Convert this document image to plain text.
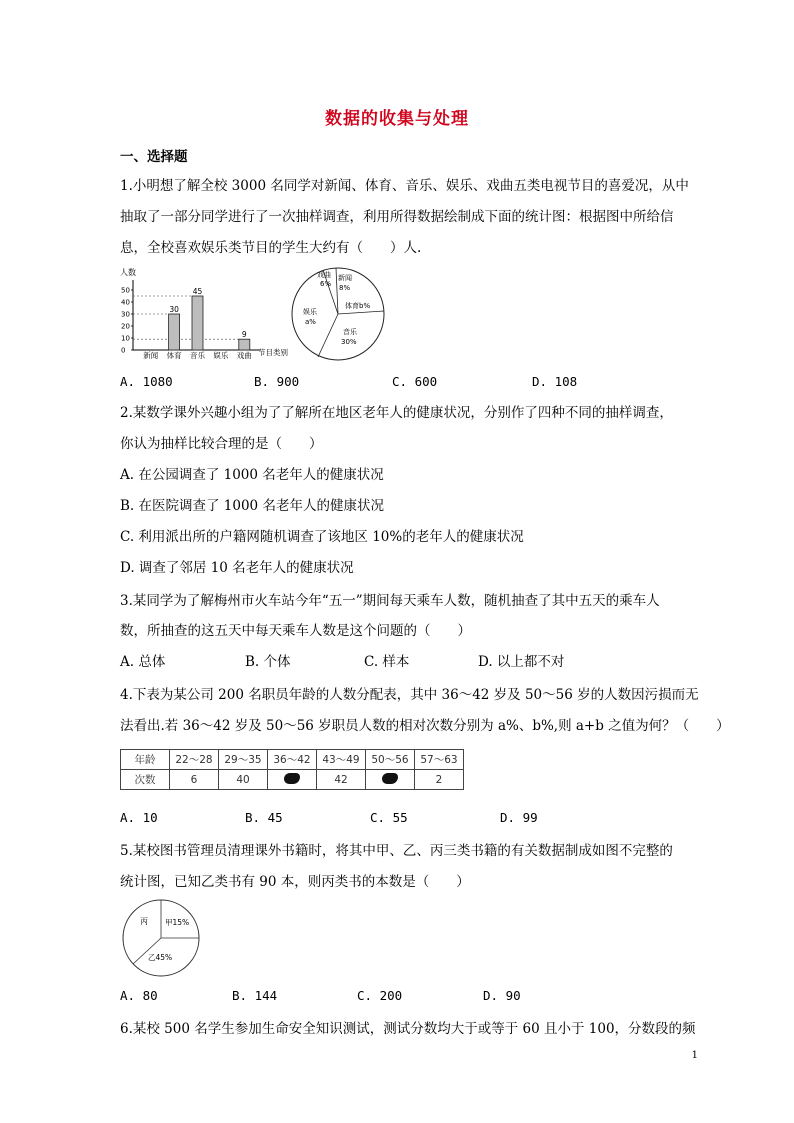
数据的收集与处理
一、选择题
1.小明想了解全校 3000 名同学对新闻、体育、音乐、娱乐、戏曲五类电视节目的喜爱况，从中
抽取了一部分同学进行了一次抽样调查，利用所得数据绘制成下面的统计图：根据图中所给信
息，全校喜欢娱乐类节目的学生大约有（　　）人.
人数
0
10
20
30
40
50
30
45
9
新闻 体育 音乐 娱乐 戏曲 节目类别
戏曲
6%
新闻
8%
体育b%
音乐
30%
娱乐
a%
A. 1080	B. 900	C. 600	D. 108
2.某数学课外兴趣小组为了了解所在地区老年人的健康状况，分别作了四种不同的抽样调查，
你认为抽样比较合理的是（　　）
A. 在公园调查了 1000 名老年人的健康状况
B. 在医院调查了 1000 名老年人的健康状况
C. 利用派出所的户籍网随机调查了该地区 10%的老年人的健康状况
D. 调查了邻居 10 名老年人的健康状况
3.某同学为了解梅州市火车站今年“五一”期间每天乘车人数，随机抽查了其中五天的乘车人
数，所抽查的这五天中每天乘车人数是这个问题的（　　）
A. 总体	B. 个体	C. 样本	D. 以上都不对
4.下表为某公司 200 名职员年龄的人数分配表，其中 36～42 岁及 50～56 岁的人数因污损而无
法看出.若 36～42 岁及 50～56 岁职员人数的相对次数分别为 a%、b%,则 a+b 之值为何？（　　）
年龄	22～28	29～35	36～42	43～49	50～56	57～63
次数	6	40		42		2
A. 10	B. 45	C. 55	D. 99
5.某校图书管理员清理课外书籍时，将其中甲、乙、丙三类书籍的有关数据制成如图不完整的
统计图，已知乙类书有 90 本，则丙类书的本数是（　　）
丙 甲15%
乙45%
A. 80	B. 144	C. 200	D. 90
6.某校 500 名学生参加生命安全知识测试，测试分数均大于或等于 60 且小于 100，分数段的频
1
